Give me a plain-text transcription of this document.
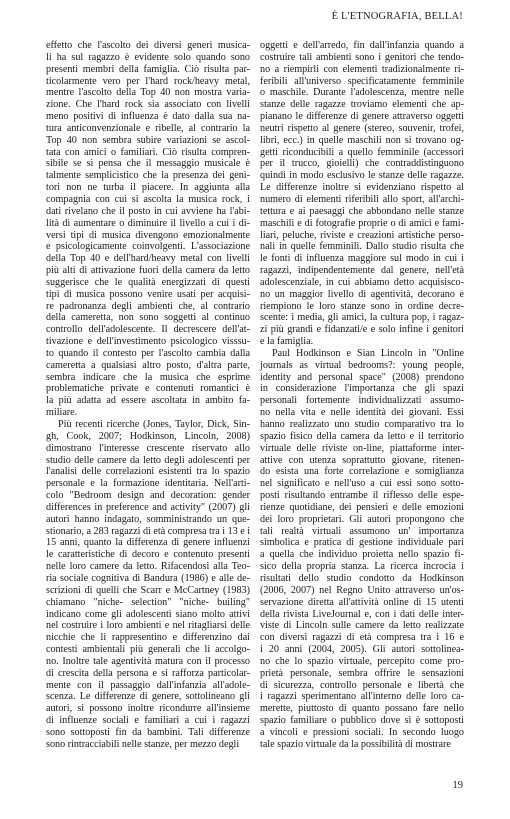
È L'ETNOGRAFIA, BELLA!
effetto che l'ascolto dei diversi generi musica-
li ha sul ragazzo è evidente solo quando sono
presenti membri della famiglia. Ciò risulta par-
ticolarmente vero per l'hard rock/heavy metal,
mentre l'ascolto della Top 40 non mostra varia-
zione. Che l'hard rock sia associato con livelli
meno positivi di influenza è dato dalla sua na-
tura anticonvenzionale e ribelle, al contrario la
Top 40 non sembra subire variazioni se ascol-
tata con amici o familiari. Ciò risulta compren-
sibile se si pensa che il messaggio musicale è
talmente semplicistico che la presenza dei geni-
tori non ne turba il piacere. In aggiunta alla
compagnia con cui si ascolta la musica rock, i
dati rivelano che il posto in cui avviene ha l'abi-
lità di aumentare o diminuire il livello a cui i di-
versi tipi di musica divengono emozionalmente
e psicologicamente coinvolgenti. L'associazione
della Top 40 e dell'hard/heavy metal con livelli
più alti di attivazione fuori della camera da letto
suggerisce che le qualità energizzati di questi
tipi di musica possono venire usati per acquisi-
re padronanza degli ambienti che, al contrario
della cameretta, non sono soggetti al continuo
controllo dell'adolescente. Il decrescere dell'at-
tivazione e dell'investimento psicologico visssu-
to quando il contesto per l'ascolto cambia dalla
cameretta a qualsiasi altro posto, d'altra parte,
sembra indicare che la musica che esprime
problematiche private e contenuti romantici è
la più adatta ad essere ascoltata in ambito fa-
miliare.
Più recenti ricerche (Jones, Taylor, Dick, Sin-
gh, Cook, 2007; Hodkinson, Lincoln, 2008)
dimostrano l'interesse crescente riservato allo
studio delle camere da letto degli adolescenti per
l'analisi delle correlazioni esistenti tra lo spazio
personale e la formazione identitaria. Nell'arti-
colo "Bedroom design and decoration: gender
differences in preference and activity" (2007) gli
autori hanno indagato, somministrando un que-
stionario, a 283 ragazzi di età compresa tra i 13 e i
15 anni, quanto la differenza di genere influenzi
le caratteristiche di decoro e contenuto presenti
nelle loro camere da letto. Rifacendosi alla Teo-
ria sociale cognitiva di Bandura (1986) e alle de-
scrizioni di quelli che Scarr e McCartney (1983)
chiamano "niche- selection" "niche- builing"
indicano come gli adolescenti siano molto attivi
nel costruire i loro ambienti e nel ritagliarsi delle
nicchie che li rappresentino e differenzino dai
contesti ambientali più generali che li accolgo-
no. Inoltre tale agentività matura con il processo
di crescita della persona e si rafforza particolar-
mente con il passaggio dall'infanzia all'adole-
scenza. Le differenze di genere, sottolineano gli
autori, si possono inoltre ricondurre all'insieme
di influenze sociali e familiari a cui i ragazzi
sono sottoposti fin da bambini. Tali differenze
sono rintracciabili nelle stanze, per mezzo degli
oggetti e dell'arredo, fin dall'infanzia quando a
costruire tali ambienti sono i genitori che tendo-
no a riempirli con elementi tradizionalmente ri-
feribili all'universo specificatamente femminile
o maschile. Durante l'adolescenza, mentre nelle
stanze delle ragazze troviamo elementi che ap-
pianano le differenze di genere attraverso oggetti
neutri rispetto al genere (stereo, souvenir, trofei,
libri, ecc.) in quelle maschili non si trovano og-
getti riconducibili a quello femminile (accessori
per il trucco, gioielli) che contraddistinguono
quindi in modo esclusivo le stanze delle ragazze.
Le differenze inoltre si evidenziano rispetto al
numero di elementi riferibili allo sport, all'archi-
tettura e ai paesaggi che abbondano nelle stanze
maschili e di fotografie proprie o di amici e fami-
liari, peluche, riviste e creazioni artistiche perso-
nali in quelle femminili. Dallo studio risulta che
le fonti di influenza maggiore sul modo in cui i
ragazzi, indipendentemente dal genere, nell'età
adolescenziale, in cui abbiamo detto acquisisco-
no un maggior livello di agentività, decorano e
riempiono le loro stanze sono in ordine decre-
scente: i media, gli amici, la cultura pop, i ragaz-
zi più grandi e fidanzati/e e solo infine i genitori
e la famiglia.
Paul Hodkinson e Sian Lincoln in "Online
journals as virtual bedrooms?: young people,
identity and personal space" (2008) prendono
in considerazione l'importanza che gli spazi
personali fortemente individualizzati assumo-
no nella vita e nelle identità dei giovani. Essi
hanno realizzato uno studio comparativo tra lo
spazio fisico della camera da letto e il territorio
virtuale delle riviste on-line, piattaforme inter-
attive con utenza soprattutto giovane, ritenen-
do esista una forte correlazione e somiglianza
nel significato e nell'uso a cui essi sono sotto-
posti risultando entrambe il riflesso delle espe-
rienze quotidiane, dei pensieri e delle emozioni
dei loro proprietari. Gli autori propongono che
tali realtà virtuali assumono un' importanza
simbolica e pratica di gestione individuale pari
a quella che individuo proietta nello spazio fi-
sico della propria stanza. La ricerca incrocia i
risultati dello studio condotto da Hodkinson
(2006, 2007) nel Regno Unito attraverso un'os-
servazione diretta all'attività online di 15 utenti
della rivista LiveJournal e, con i dati delle inter-
viste di Lincoln sulle camere da letto realizzate
con diversi ragazzi di età compresa tra i 16 e
i 20 anni (2004, 2005). Gli autori sottolinea-
no che lo spazio virtuale, percepito come pro-
prietà personale, sembra offrire le sensazioni
di sicurezza, controllo personale e libertà che
i ragazzi sperimentano all'interno delle loro ca-
merette, piuttosto di quanto possano fare nello
spazio familiare o pubblico dove si è sottoposti
a vincoli e pressioni sociali. In secondo luogo
tale spazio virtuale da la possibilità di mostrare
19
